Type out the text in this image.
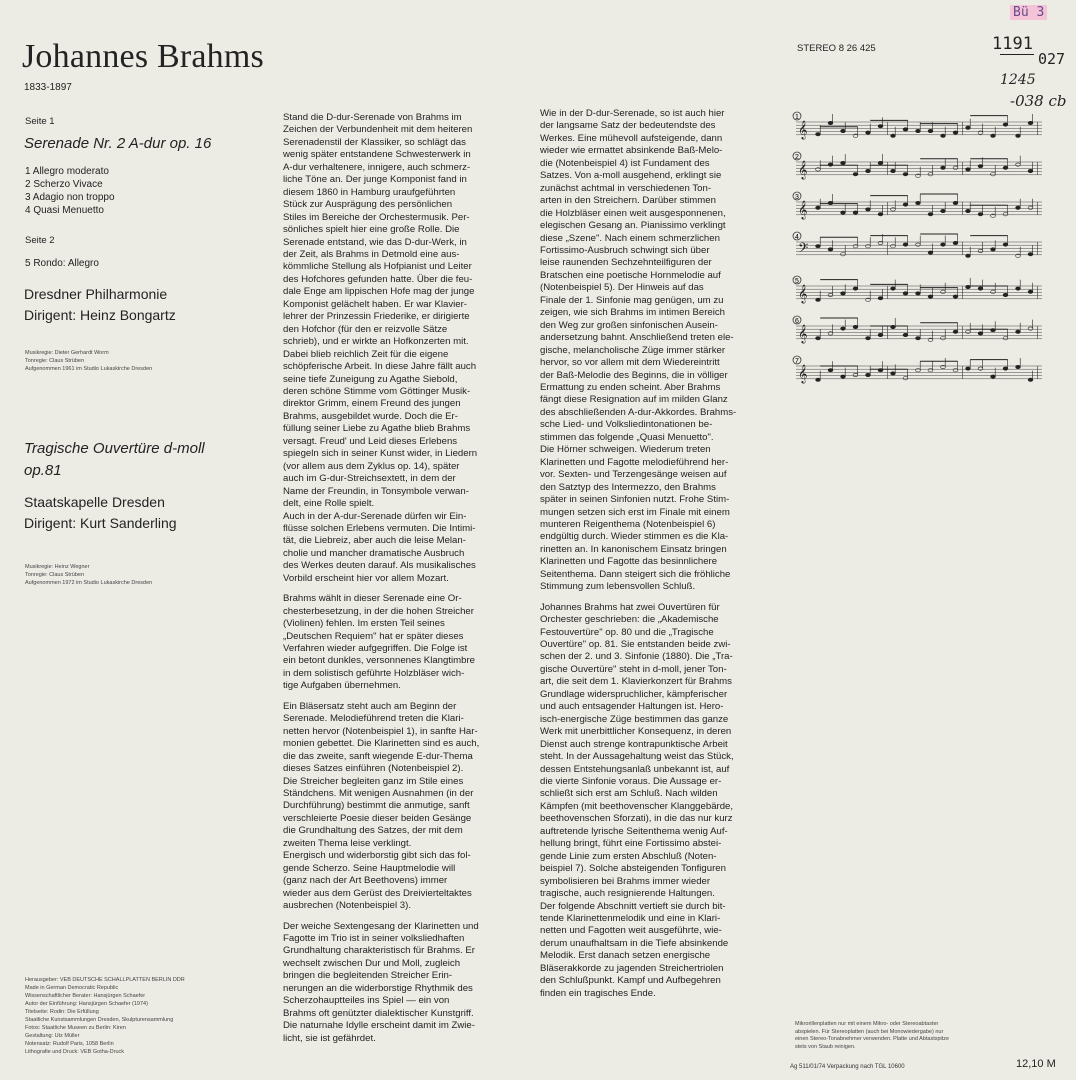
Johannes Brahms
1833-1897
STEREO 8 26 425
Bü 3
1191
027
1245
-038 cb
Seite 1
Serenade Nr. 2 A-dur op. 16
1 Allegro moderato
2 Scherzo Vivace
3 Adagio non troppo
4 Quasi Menuetto
Seite 2
5 Rondo: Allegro
Dresdner Philharmonie
Dirigent: Heinz Bongartz
Musikregie: Dieter Gerhardt Worm
Tonregie: Claus Strüben
Aufgenommen 1961 im Studio Lukaskirche Dresden
Tragische Ouvertüre d-moll
op.81
Staatskapelle Dresden
Dirigent: Kurt Sanderling
Musikregie: Heinz Wegner
Tonregie: Claus Strüben
Aufgenommen 1972 im Studio Lukaskirche Dresden
Herausgeber: VEB DEUTSCHE SCHALLPLATTEN BERLIN DDR
Made in German Democratic Republic
Wissenschaftlicher Berater: Hansjürgen Schaefer
Autor der Einführung: Hansjürgen Schaefer (1974)
Titelseite: Rodin: Die Erfüllung
Staatliche Kunstsammlungen Dresden, Skulpturensammlung
Fotos: Staatliche Museen zu Berlin: Kiren
Gestaltung: Utz Müller
Notensatz: Rudolf Paris, 1058 Berlin
Lithografie und Druck: VEB Gotha-Druck

Stand die D-dur-Serenade von Brahms im
Zeichen der Verbundenheit mit dem heiteren
Serenadenstil der Klassiker, so schlägt das
wenig später entstandene Schwesterwerk in
A-dur verhaltenere, innigere, auch schmerz-
liche Töne an. Der junge Komponist fand in
diesem 1860 in Hamburg uraufgeführten
Stück zur Ausprägung des persönlichen
Stiles im Bereiche der Orchestermusik. Per-
sönliches spielt hier eine große Rolle. Die
Serenade entstand, wie das D-dur-Werk, in
der Zeit, als Brahms in Detmold eine aus-
kömmliche Stellung als Hofpianist und Leiter
des Hofchores gefunden hatte. Über die feu-
dale Enge am lippischen Hofe mag der junge
Komponist gelächelt haben. Er war Klavier-
lehrer der Prinzessin Friederike, er dirigierte
den Hofchor (für den er reizvolle Sätze
schrieb), und er wirkte an Hofkonzerten mit.
Dabei blieb reichlich Zeit für die eigene
schöpferische Arbeit. In diese Jahre fällt auch
seine tiefe Zuneigung zu Agathe Siebold,
deren schöne Stimme vom Göttinger Musik-
direktor Grimm, einem Freund des jungen
Brahms, ausgebildet wurde. Doch die Er-
füllung seiner Liebe zu Agathe blieb Brahms
versagt. Freud' und Leid dieses Erlebens
spiegeln sich in seiner Kunst wider, in Liedern
(vor allem aus dem Zyklus op. 14), später
auch im G-dur-Streichsextett, in dem der
Name der Freundin, in Tonsymbole verwan-
delt, eine Rolle spielt.
Auch in der A-dur-Serenade dürfen wir Ein-
flüsse solchen Erlebens vermuten. Die Intimi-
tät, die Liebreiz, aber auch die leise Melan-
cholie und mancher dramatische Ausbruch
des Werkes deuten darauf. Als musikalisches
Vorbild erscheint hier vor allem Mozart.

Brahms wählt in dieser Serenade eine Or-
chesterbesetzung, in der die hohen Streicher
(Violinen) fehlen. Im ersten Teil seines
„Deutschen Requiem" hat er später dieses
Verfahren wieder aufgegriffen. Die Folge ist
ein betont dunkles, versonnenes Klangtimbre
in dem solistisch geführte Holzbläser wich-
tige Aufgaben übernehmen.

Ein Bläsersatz steht auch am Beginn der
Serenade. Melodieführend treten die Klari-
netten hervor (Notenbeispiel 1), in sanfte Har-
monien gebettet. Die Klarinetten sind es auch,
die das zweite, sanft wiegende E-dur-Thema
dieses Satzes einführen (Notenbeispiel 2).
Die Streicher begleiten ganz im Stile eines
Ständchens. Mit wenigen Ausnahmen (in der
Durchführung) bestimmt die anmutige, sanft
verschleierte Poesie dieser beiden Gesänge
die Grundhaltung des Satzes, der mit dem
zweiten Thema leise verklingt.
Energisch und widerborstig gibt sich das fol-
gende Scherzo. Seine Hauptmelodie will
(ganz nach der Art Beethovens) immer
wieder aus dem Gerüst des Dreivierteltaktes
ausbrechen (Notenbeispiel 3).

Der weiche Sextengesang der Klarinetten und
Fagotte im Trio ist in seiner volksliedhaften
Grundhaltung charakteristisch für Brahms. Er
wechselt zwischen Dur und Moll, zugleich
bringen die begleitenden Streicher Erin-
nerungen an die widerborstige Rhythmik des
Scherzohauptteiles ins Spiel — ein von
Brahms oft genützter dialektischer Kunstgriff.
Die naturnahe Idylle erscheint damit im Zwie-
licht, sie ist gefährdet.

Wie in der D-dur-Serenade, so ist auch hier
der langsame Satz der bedeutendste des
Werkes. Eine mühevoll aufsteigende, dann
wieder wie ermattet absinkende Baß-Melo-
die (Notenbeispiel 4) ist Fundament des
Satzes. Von a-moll ausgehend, erklingt sie
zunächst achtmal in verschiedenen Ton-
arten in den Streichern. Darüber stimmen
die Holzbläser einen weit ausgesponnenen,
elegischen Gesang an. Pianissimo verklingt
diese „Szene". Nach einem schmerzlichen
Fortissimo-Ausbruch schwingt sich über
leise raunenden Sechzehnteilfiguren der
Bratschen eine poetische Hornmelodie auf
(Notenbeispiel 5). Der Hinweis auf das
Finale der 1. Sinfonie mag genügen, um zu
zeigen, wie sich Brahms im intimen Bereich
den Weg zur großen sinfonischen Ausein-
andersetzung bahnt. Anschließend treten ele-
gische, melancholische Züge immer stärker
hervor, so vor allem mit dem Wiedereintritt
der Baß-Melodie des Beginns, die in völliger
Ermattung zu enden scheint. Aber Brahms
fängt diese Resignation auf im milden Glanz
des abschließenden A-dur-Akkordes. Brahms-
sche Lied- und Volksliedintonationen be-
stimmen das folgende „Quasi Menuetto".
Die Hörner schweigen. Wiederum treten
Klarinetten und Fagotte melodieführend her-
vor. Sexten- und Terzengesänge weisen auf
den Satztyp des Intermezzo, den Brahms
später in seinen Sinfonien nutzt. Frohe Stim-
mungen setzen sich erst im Finale mit einem
munteren Reigenthema (Notenbeispiel 6)
endgültig durch. Wieder stimmen es die Kla-
rinetten an. In kanonischem Einsatz bringen
Klarinetten und Fagotte das besinnlichere
Seitenthema. Dann steigert sich die fröhliche
Stimmung zum lebensvollen Schluß.

Johannes Brahms hat zwei Ouvertüren für
Orchester geschrieben: die „Akademische
Festouvertüre" op. 80 und die „Tragische
Ouvertüre" op. 81. Sie entstanden beide zwi-
schen der 2. und 3. Sinfonie (1880). Die „Tra-
gische Ouvertüre" steht in d-moll, jener Ton-
art, die seit dem 1. Klavierkonzert für Brahms
Grundlage widerspruchlicher, kämpferischer
und auch entsagender Haltungen ist. Hero-
isch-energische Züge bestimmen das ganze
Werk mit unerbittlicher Konsequenz, in deren
Dienst auch strenge kontrapunktische Arbeit
steht. In der Aussagehaltung weist das Stück,
dessen Entstehungsanlaß unbekannt ist, auf
die vierte Sinfonie voraus. Die Aussage er-
schließt sich erst am Schluß. Nach wilden
Kämpfen (mit beethovenscher Klanggebärde,
beethovenschen Sforzati), in die das nur kurz
auftretende lyrische Seitenthema wenig Auf-
hellung bringt, führt eine Fortissimo abstei-
gende Linie zum ersten Abschluß (Noten-
beispiel 7). Solche absteigenden Tonfiguren
symbolisieren bei Brahms immer wieder
tragische, auch resignierende Haltungen.
Der folgende Abschnitt vertieft sie durch bit-
tende Klarinettenmelodik und eine in Klari-
netten und Fagotten weit ausgeführte, wie-
derum unaufhaltsam in die Tiefe absinkende
Melodik. Erst danach setzen energische
Bläserakkorde zu jagenden Streichertriolen
den Schlußpunkt. Kampf und Aufbegehren
finden ein tragisches Ende.

1
𝄞
2
𝄞
3
𝄞
4
𝄢
5
𝄞
6
𝄞
7
𝄞
Mikrorillenplatten nur mit einem Mikro- oder Stereoabtaster
abspielen. Für Stereoplatten (auch bei Monowiedergabe) nur
einen Stereo-Tonabnehmer verwenden. Platte und Abtastspitze
stets von Staub reinigen.
Ag 511/01/74 Verpackung nach TGL 10600	12,10 M
